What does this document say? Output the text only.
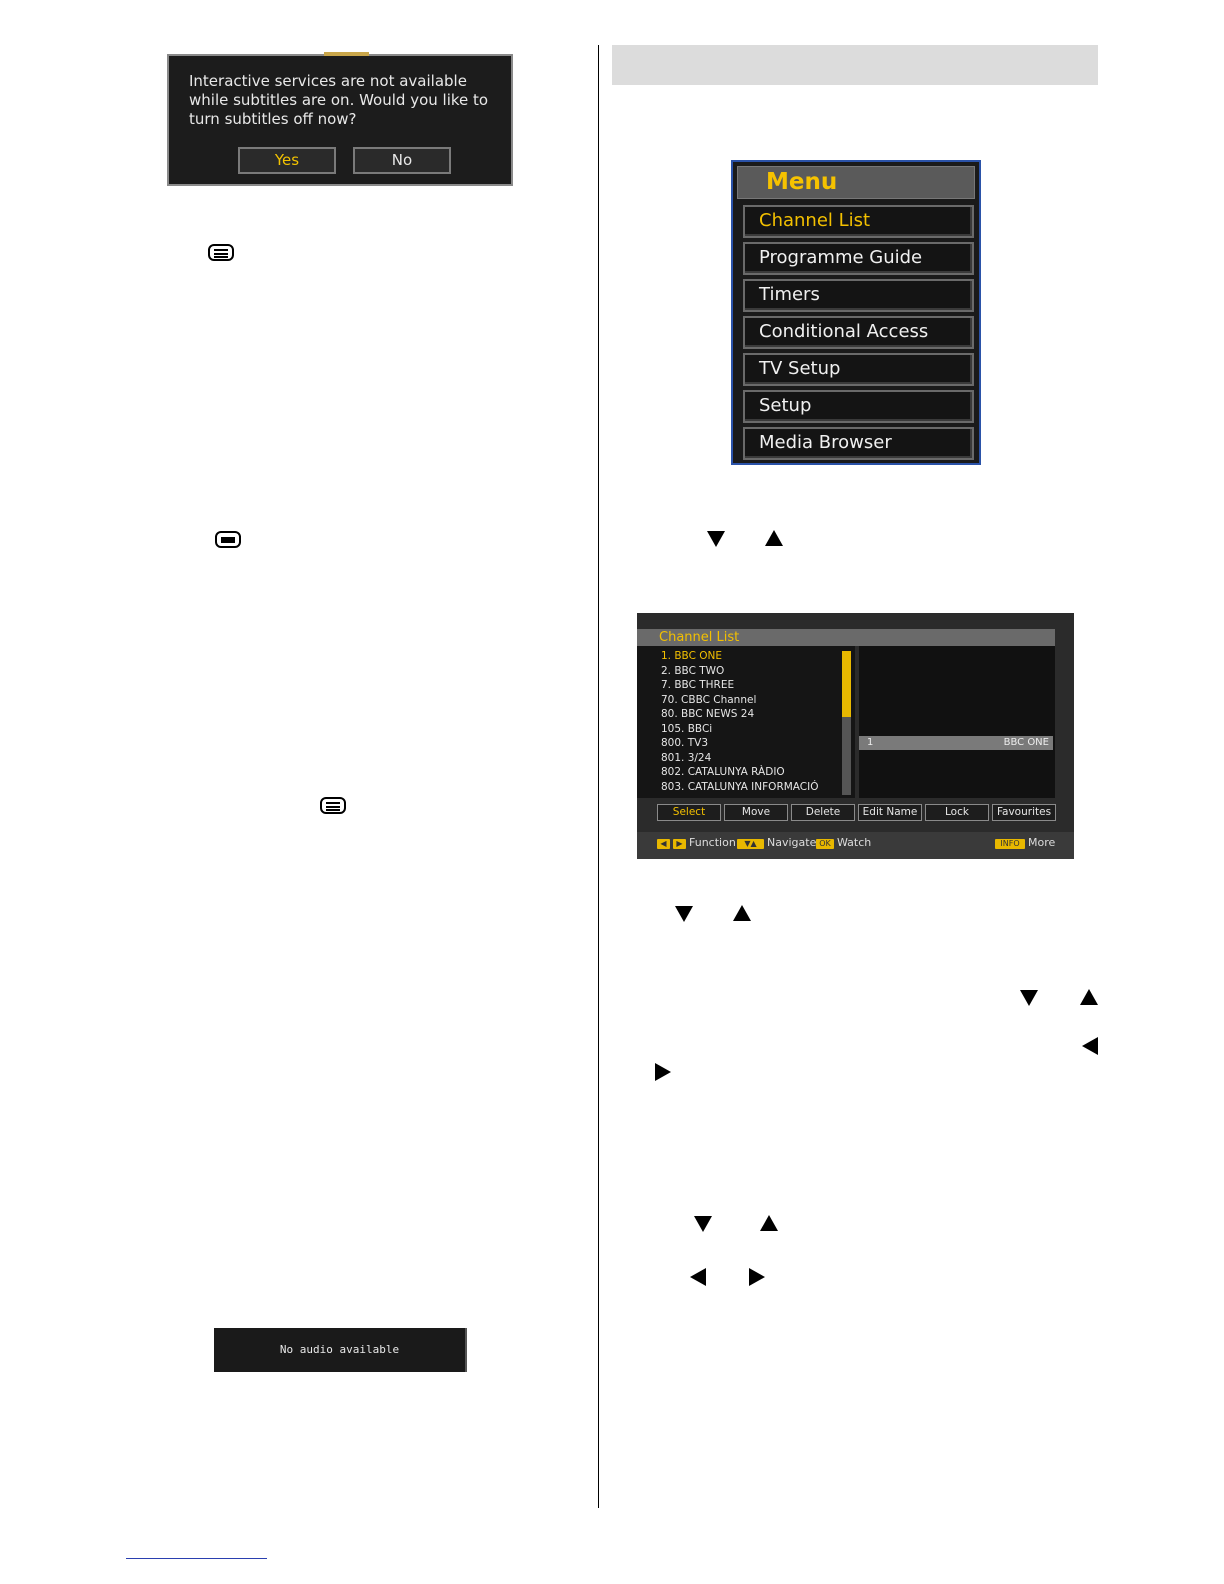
Interactive services are not available while subtitles are on. Would you like to turn subtitles off now?
Yes	No
No audio available
Menu
Channel List
Programme Guide
Timers
Conditional Access
TV Setup
Setup
Media Browser
Channel List
1. BBC ONE
2. BBC TWO
7. BBC THREE
70. CBBC Channel
80. BBC NEWS 24
105. BBCi
800. TV3
801. 3/24
802. CATALUNYA RÀDIO
803. CATALUNYA INFORMACIÓ
1	BBC ONE
Select	Move	Delete	Edit Name	Lock	Favourites
◀	▶ Function	▼▲ Navigate OK Watch	INFO More
